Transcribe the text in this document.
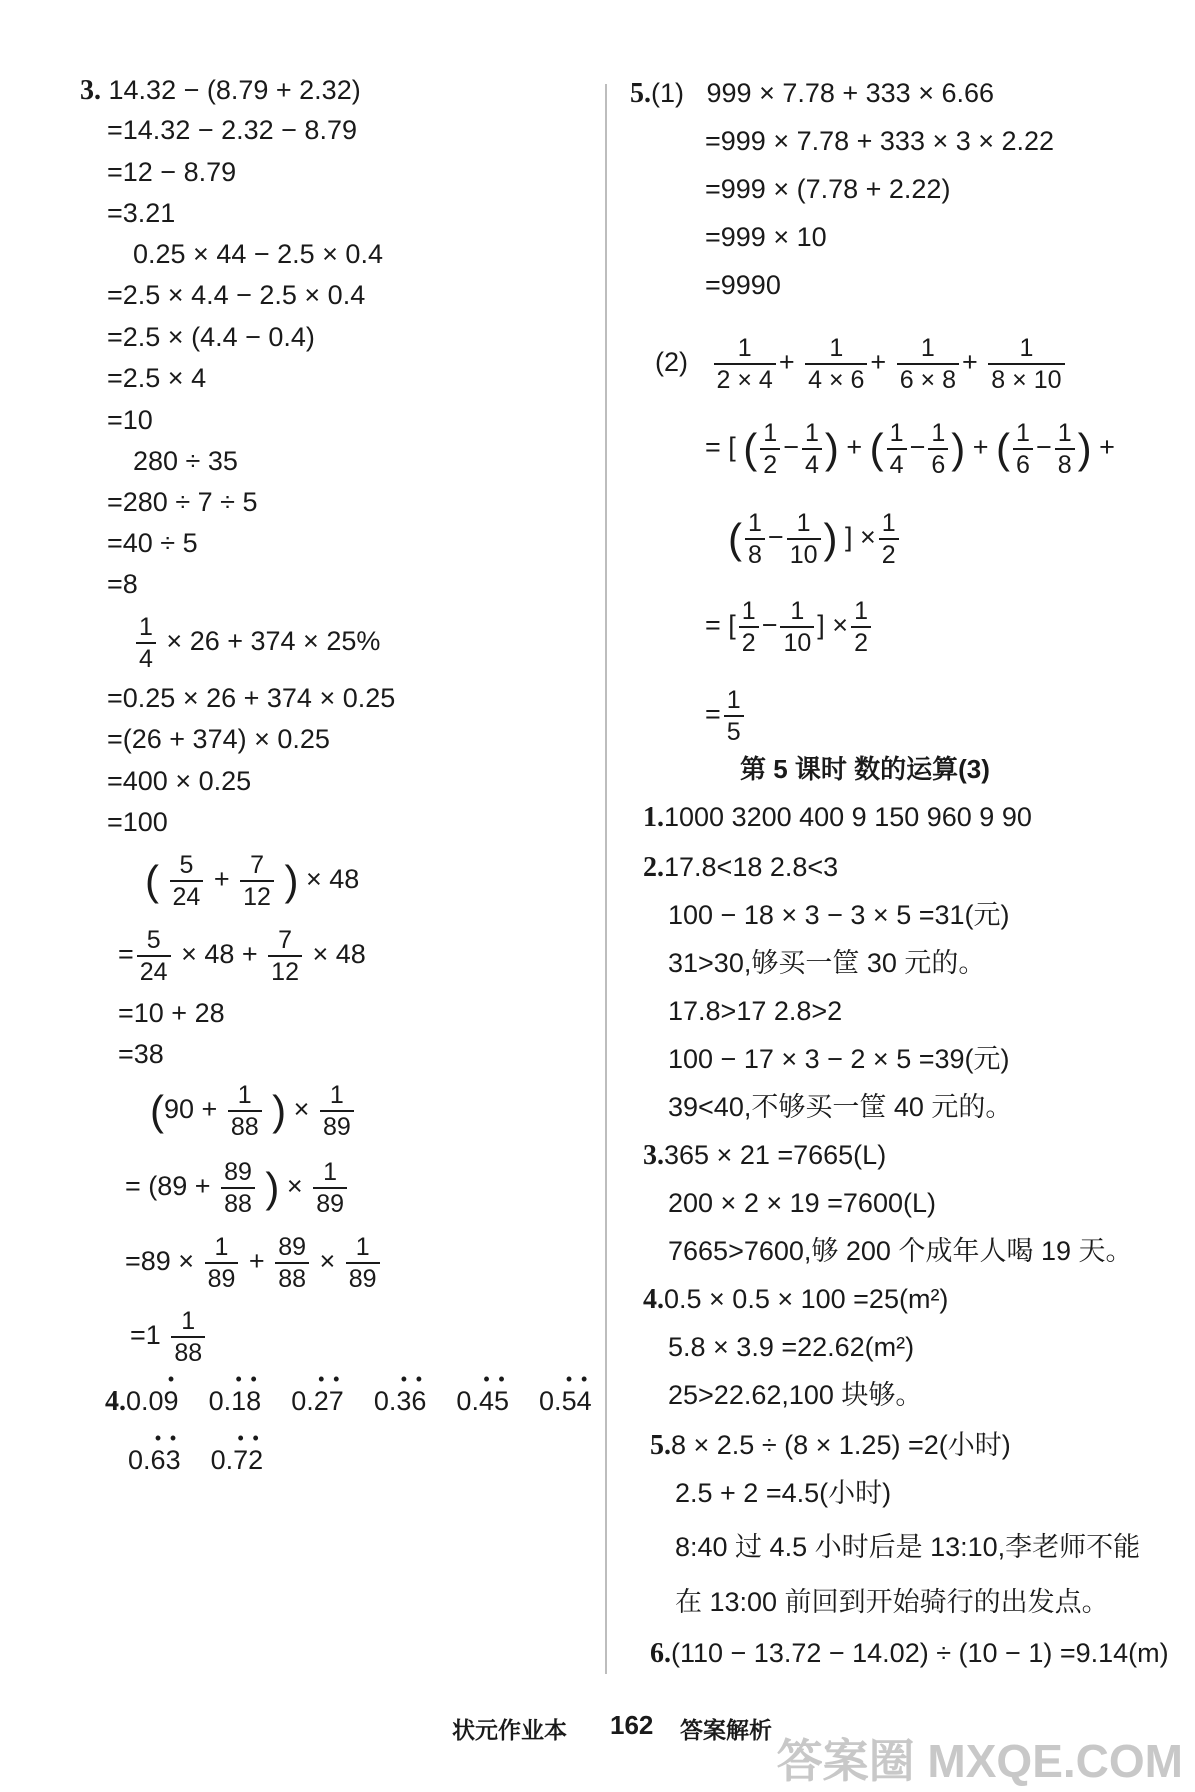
3. 14.32 − (8.79 + 2.32)
=14.32 − 2.32 − 8.79
=12 − 8.79
=3.21
0.25 × 44 − 2.5 × 0.4
=2.5 × 4.4 − 2.5 × 0.4
=2.5 × (4.4 − 0.4)
=2.5 × 4
=10
280 ÷ 35
=280 ÷ 7 ÷ 5
=40 ÷ 5
=8
$\frac{1}{4} \times 26 + 374 \times 25\%$
=0.25 × 26 + 374 × 0.25
=(26 + 374) × 0.25
=400 × 0.25
=100
( $\frac{5}{24} + \frac{7}{12}$ ) × 48
= $\frac{5}{24} \times 48 + \frac{7}{12} \times 48$
=10 + 28
=38
($90 + \frac{1}{88}$ ) × $\frac{1}{89}$
= ($89 + \frac{89}{88}$ ) × $\frac{1}{89}$
$=89 \times \frac{1}{89} + \frac{89}{88} \times \frac{1}{89}$
$=1 \frac{1}{88}$
4.0.0• 9 0.• 1• 8 0.• 2• 7 0.• 3• 6 0.• 4• 5 0.• 5• 4
0.• 6• 3 0.• 7• 2
5.(1) 999 × 7.78 + 333 × 6.66
=999 × 7.78 + 333 × 3 × 2.22
=999 × (7.78 + 2.22)
=999 × 10
=9990
$(2) \frac{1}{2 \times 4} + \frac{1}{4 \times 6} + \frac{1}{6 \times 8} + \frac{1}{8 \times 10}$
= [ ( $\frac{1}{2} - \frac{1}{4}$ ) + ( $\frac{1}{4} - \frac{1}{6}$ ) + ( $\frac{1}{6} - \frac{1}{8}$ ) +
( $\frac{1}{8} - \frac{1}{10}$ ) ] × $\frac{1}{2}$
= [ $\frac{1}{2} - \frac{1}{10}$ ] × $\frac{1}{2}$
= $\frac{1}{5}$
第 5 课时 数的运算(3)
1.1000 3200 400 9 150 960 9 90
2.17.8<18 2.8<3
100 − 18 × 3 − 3 × 5 =31(元)
31>30,够买一筐 30 元的。
17.8>17 2.8>2
100 − 17 × 3 − 2 × 5 =39(元)
39<40,不够买一筐 40 元的。
3.365 × 21 =7665(L)
200 × 2 × 19 =7600(L)
7665>7600,够 200 个成年人喝 19 天。
4.0.5 × 0.5 × 100 =25(m²)
5.8 × 3.9 =22.62(m²)
25>22.62,100 块够。
5.8 × 2.5 ÷ (8 × 1.25) =2(小时)
2.5 + 2 =4.5(小时)
8:40 过 4.5 小时后是 13:10,李老师不能
在 13:00 前回到开始骑行的出发点。
6.(110 − 13.72 − 14.02) ÷ (10 − 1) =9.14(m)
状元作业本 162 答案解析
答案圈 MXQE.COM
